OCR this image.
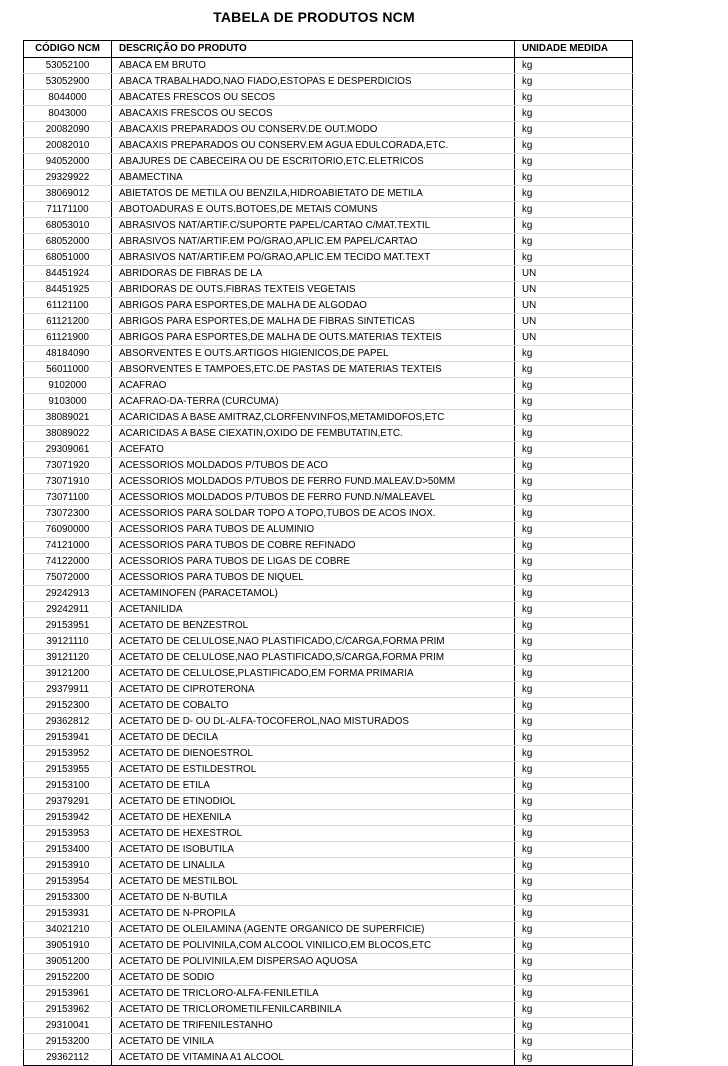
TABELA DE PRODUTOS NCM
CÓDIGO NCM	DESCRIÇÃO DO PRODUTO	UNIDADE MEDIDA
53052100	ABACA EM BRUTO	kg
53052900	ABACA TRABALHADO,NAO FIADO,ESTOPAS E DESPERDICIOS	kg
8044000	ABACATES FRESCOS OU SECOS	kg
8043000	ABACAXIS FRESCOS OU SECOS	kg
20082090	ABACAXIS PREPARADOS OU CONSERV.DE OUT.MODO	kg
20082010	ABACAXIS PREPARADOS OU CONSERV.EM AGUA EDULCORADA,ETC.	kg
94052000	ABAJURES DE CABECEIRA OU DE ESCRITORIO,ETC.ELETRICOS	kg
29329922	ABAMECTINA	kg
38069012	ABIETATOS DE METILA OU BENZILA,HIDROABIETATO DE METILA	kg
71171100	ABOTOADURAS E OUTS.BOTOES,DE METAIS COMUNS	kg
68053010	ABRASIVOS NAT/ARTIF.C/SUPORTE PAPEL/CARTAO C/MAT.TEXTIL	kg
68052000	ABRASIVOS NAT/ARTIF.EM PO/GRAO,APLIC.EM PAPEL/CARTAO	kg
68051000	ABRASIVOS NAT/ARTIF.EM PO/GRAO,APLIC.EM TECIDO MAT.TEXT	kg
84451924	ABRIDORAS DE FIBRAS DE LA	UN
84451925	ABRIDORAS DE OUTS.FIBRAS TEXTEIS VEGETAIS	UN
61121100	ABRIGOS PARA ESPORTES,DE MALHA DE ALGODAO	UN
61121200	ABRIGOS PARA ESPORTES,DE MALHA DE FIBRAS SINTETICAS	UN
61121900	ABRIGOS PARA ESPORTES,DE MALHA DE OUTS.MATERIAS TEXTEIS	UN
48184090	ABSORVENTES E OUTS.ARTIGOS HIGIENICOS,DE PAPEL	kg
56011000	ABSORVENTES E TAMPOES,ETC.DE PASTAS DE MATERIAS TEXTEIS	kg
9102000	ACAFRAO	kg
9103000	ACAFRAO-DA-TERRA (CURCUMA)	kg
38089021	ACARICIDAS A BASE AMITRAZ,CLORFENVINFOS,METAMIDOFOS,ETC	kg
38089022	ACARICIDAS A BASE CIEXATIN,OXIDO DE FEMBUTATIN,ETC.	kg
29309061	ACEFATO	kg
73071920	ACESSORIOS MOLDADOS P/TUBOS DE ACO	kg
73071910	ACESSORIOS MOLDADOS P/TUBOS DE FERRO FUND.MALEAV.D>50MM	kg
73071100	ACESSORIOS MOLDADOS P/TUBOS DE FERRO FUND.N/MALEAVEL	kg
73072300	ACESSORIOS PARA SOLDAR TOPO A TOPO,TUBOS DE ACOS INOX.	kg
76090000	ACESSORIOS PARA TUBOS DE ALUMINIO	kg
74121000	ACESSORIOS PARA TUBOS DE COBRE REFINADO	kg
74122000	ACESSORIOS PARA TUBOS DE LIGAS DE COBRE	kg
75072000	ACESSORIOS PARA TUBOS DE NIQUEL	kg
29242913	ACETAMINOFEN (PARACETAMOL)	kg
29242911	ACETANILIDA	kg
29153951	ACETATO DE BENZESTROL	kg
39121110	ACETATO DE CELULOSE,NAO PLASTIFICADO,C/CARGA,FORMA PRIM	kg
39121120	ACETATO DE CELULOSE,NAO PLASTIFICADO,S/CARGA,FORMA PRIM	kg
39121200	ACETATO DE CELULOSE,PLASTIFICADO,EM FORMA PRIMARIA	kg
29379911	ACETATO DE CIPROTERONA	kg
29152300	ACETATO DE COBALTO	kg
29362812	ACETATO DE D- OU DL-ALFA-TOCOFEROL,NAO MISTURADOS	kg
29153941	ACETATO DE DECILA	kg
29153952	ACETATO DE DIENOESTROL	kg
29153955	ACETATO DE ESTILDESTROL	kg
29153100	ACETATO DE ETILA	kg
29379291	ACETATO DE ETINODIOL	kg
29153942	ACETATO DE HEXENILA	kg
29153953	ACETATO DE HEXESTROL	kg
29153400	ACETATO DE ISOBUTILA	kg
29153910	ACETATO DE LINALILA	kg
29153954	ACETATO DE MESTILBOL	kg
29153300	ACETATO DE N-BUTILA	kg
29153931	ACETATO DE N-PROPILA	kg
34021210	ACETATO DE OLEILAMINA (AGENTE ORGANICO DE SUPERFICIE)	kg
39051910	ACETATO DE POLIVINILA,COM ALCOOL VINILICO,EM BLOCOS,ETC	kg
39051200	ACETATO DE POLIVINILA,EM DISPERSAO AQUOSA	kg
29152200	ACETATO DE SODIO	kg
29153961	ACETATO DE TRICLORO-ALFA-FENILETILA	kg
29153962	ACETATO DE TRICLOROMETILFENILCARBINILA	kg
29310041	ACETATO DE TRIFENILESTANHO	kg
29153200	ACETATO DE VINILA	kg
29362112	ACETATO DE VITAMINA A1 ALCOOL	kg
